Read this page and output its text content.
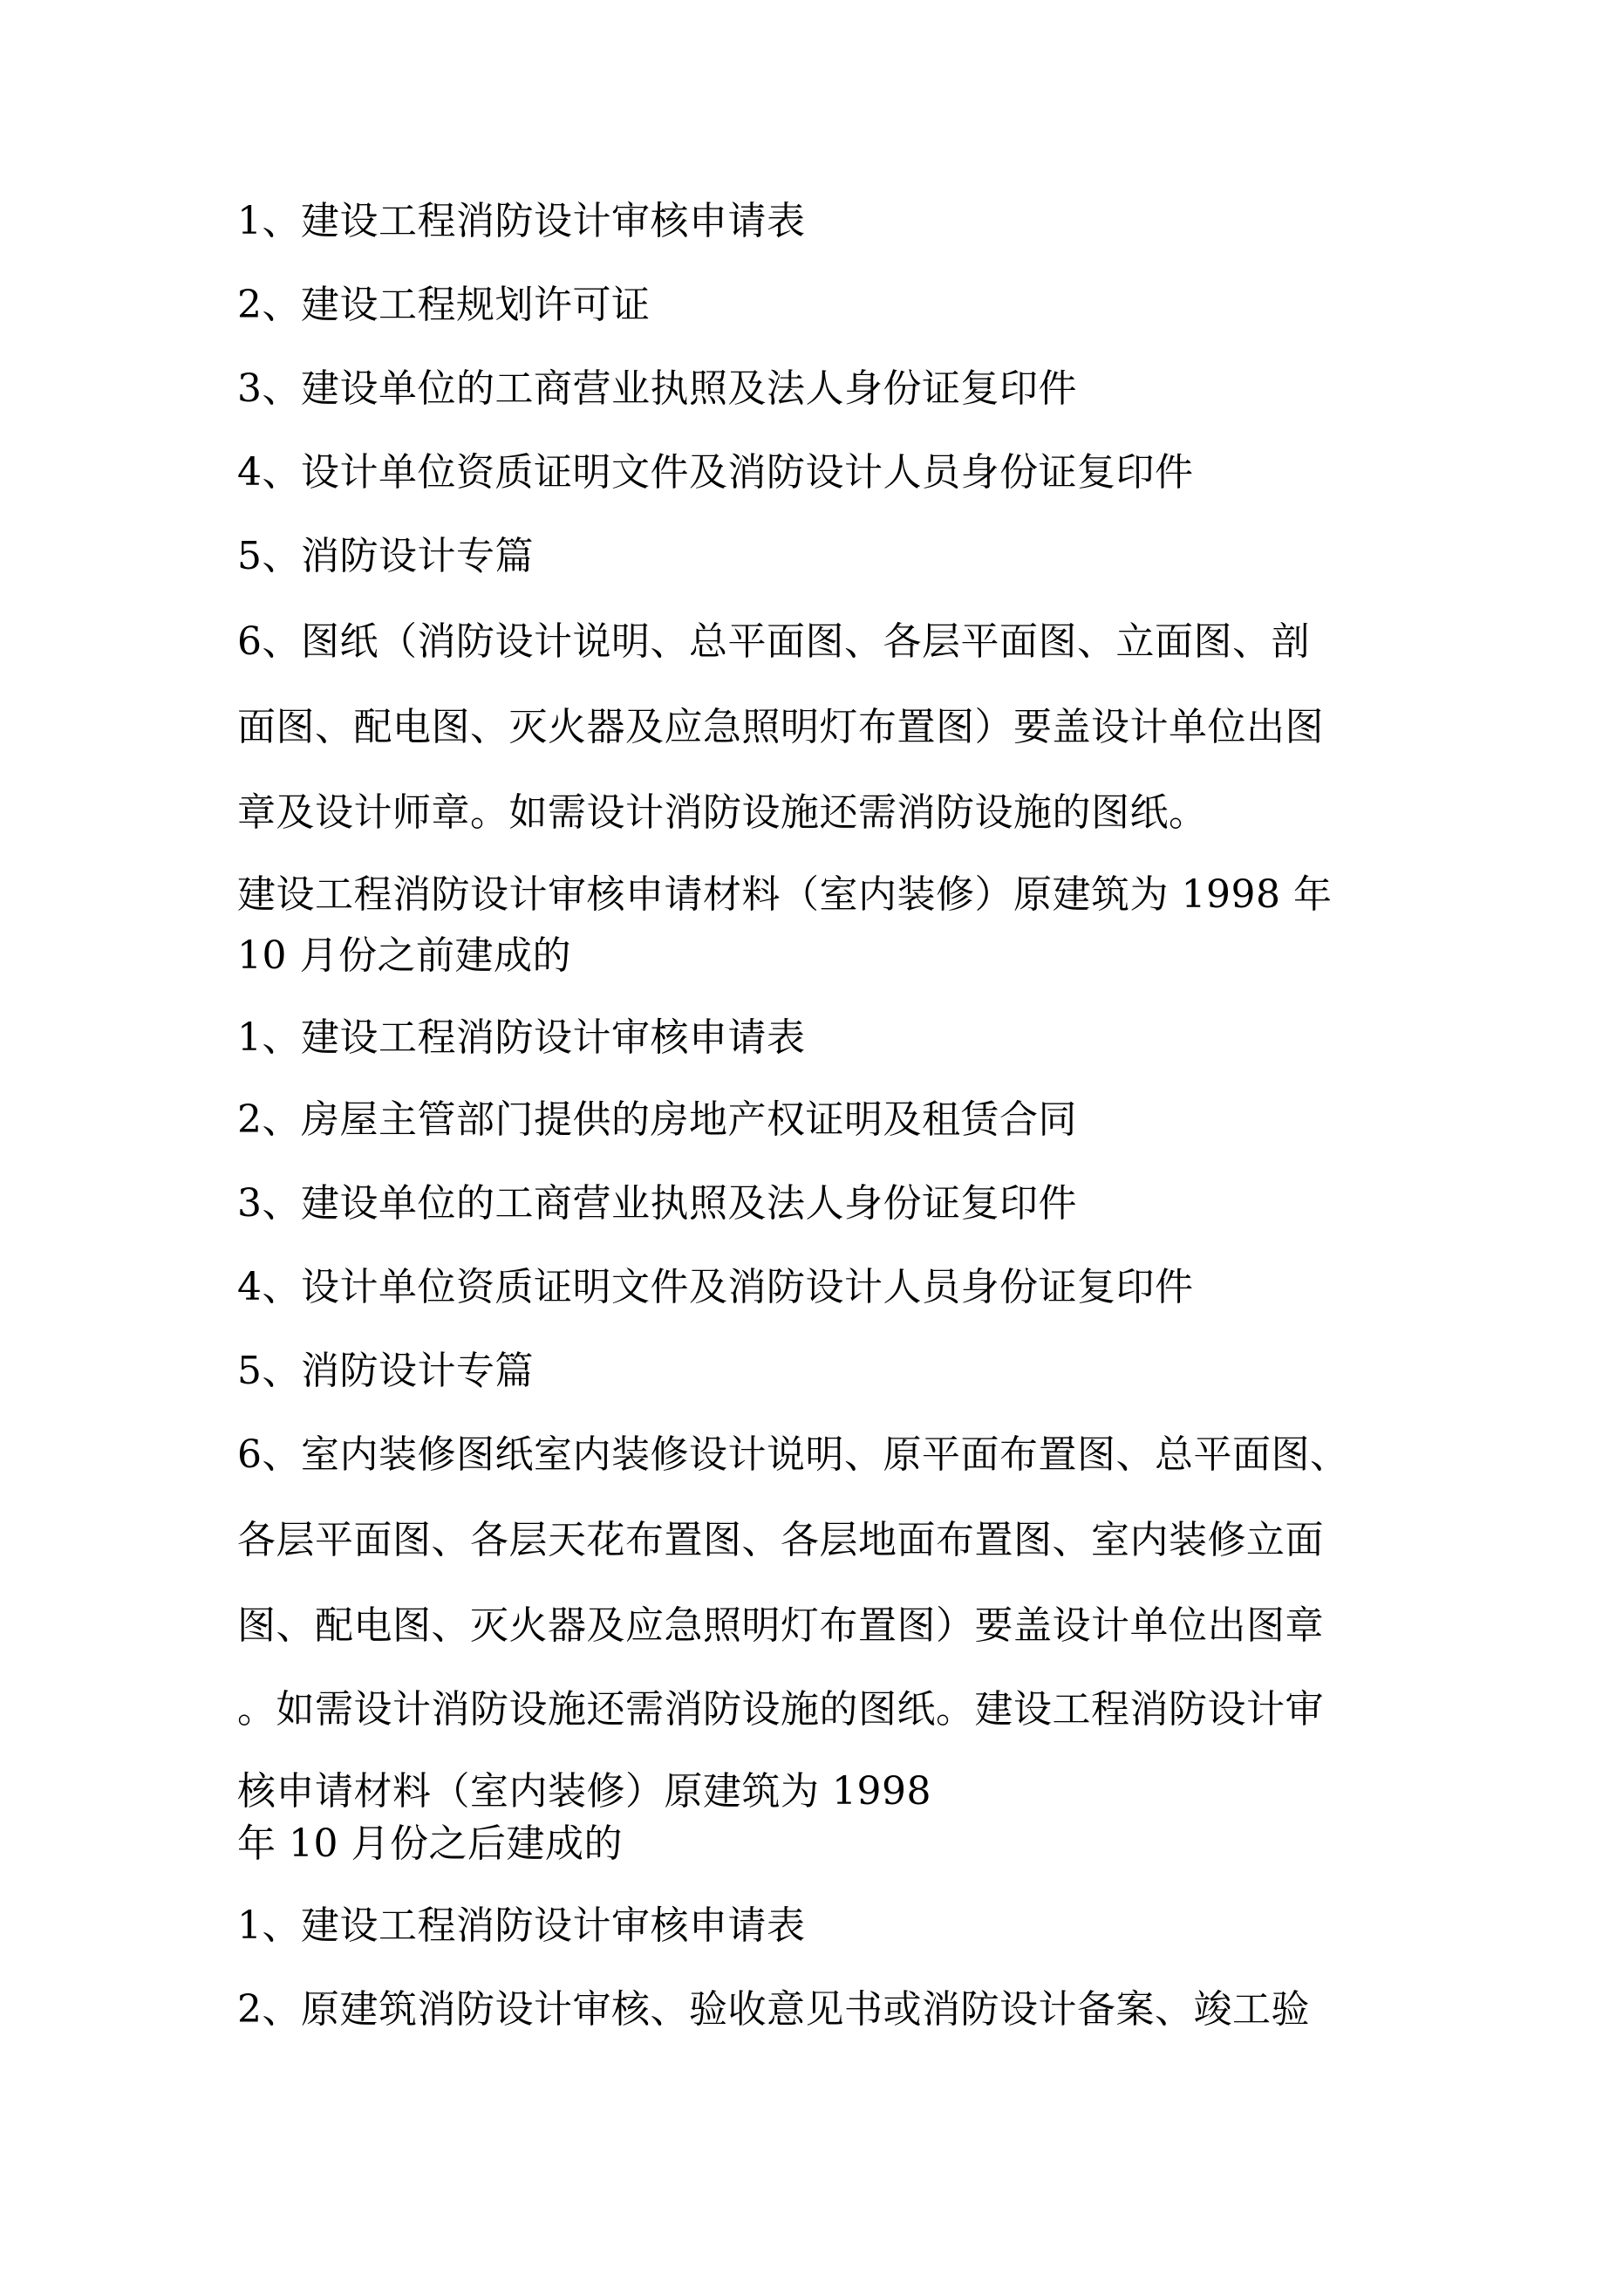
1、建设工程消防设计审核申请表
2、建设工程规划许可证
3、建设单位的工商营业执照及法人身份证复印件
4、设计单位资质证明文件及消防设计人员身份证复印件
5、消防设计专篇
6、图纸（消防设计说明、总平面图、各层平面图、立面图、剖
面图、配电图、灭火器及应急照明灯布置图）要盖设计单位出图
章及设计师章。如需设计消防设施还需消防设施的图纸。
建设工程消防设计审核申请材料（室内装修）原建筑为 1998 年
10 月份之前建成的
1、建设工程消防设计审核申请表
2、房屋主管部门提供的房地产权证明及租赁合同
3、建设单位的工商营业执照及法人身份证复印件
4、设计单位资质证明文件及消防设计人员身份证复印件
5、消防设计专篇
6、室内装修图纸室内装修设计说明、原平面布置图、总平面图、
各层平面图、各层天花布置图、各层地面布置图、室内装修立面
图、配电图、灭火器及应急照明灯布置图）要盖设计单位出图章
。如需设计消防设施还需消防设施的图纸。建设工程消防设计审
核申请材料（室内装修）原建筑为 1998
年 10 月份之后建成的
1、建设工程消防设计审核申请表
2、原建筑消防设计审核、验收意见书或消防设计备案、竣工验
